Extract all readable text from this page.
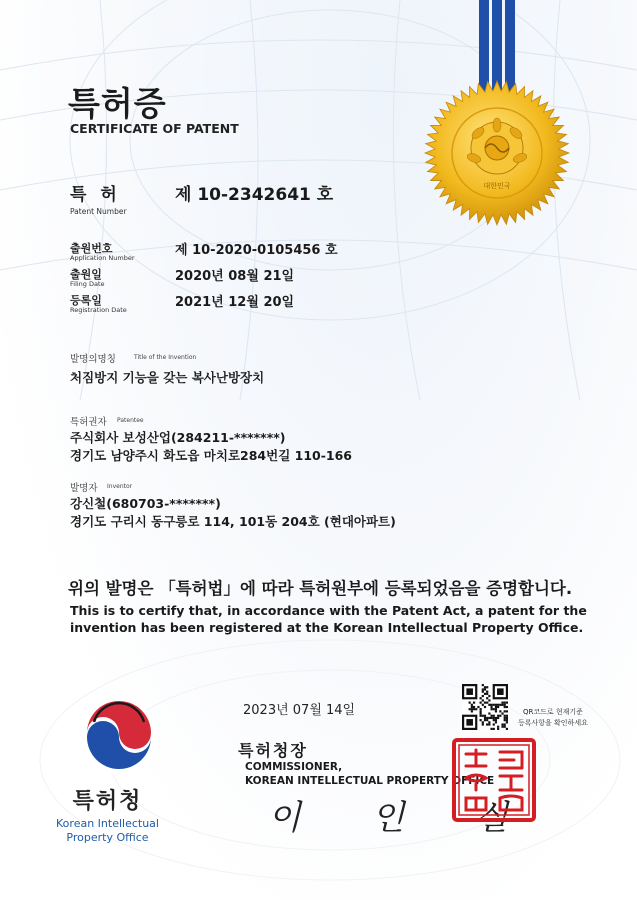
대한민국
특허증
CERTIFICATE OF PATENT
특 허
Patent Number
제 10-2342641 호
출원번호
Application Number	제 10-2020-0105456 호
출원일
Filing Date	2020년 08월 21일
등록일
Registration Date	2021년 12월 20일
발명의명칭	Title of the Invention
처짐방지 기능을 갖는 복사난방장치
특허권자 Patentee
주식회사 보성산업(284211-*******)
경기도 남양주시 화도읍 마치로284번길 110-166
발명자 Inventor
강신철(680703-*******)
경기도 구리시 동구릉로 114, 101동 204호 (현대아파트)
위의 발명은 「특허법」에 따라 특허원부에 등록되었음을 증명합니다.
This is to certify that, in accordance with the Patent Act, a patent for the invention has been registered at the Korean Intellectual Property Office.
특허청
Korean Intellectual
Property Office
2023년 07월 14일	QR코드로 현재기준
등록사항을 확인하세요
특허청장
COMMISSIONER,
KOREAN INTELLECTUAL PROPERTY OFFICE
이 인 실
